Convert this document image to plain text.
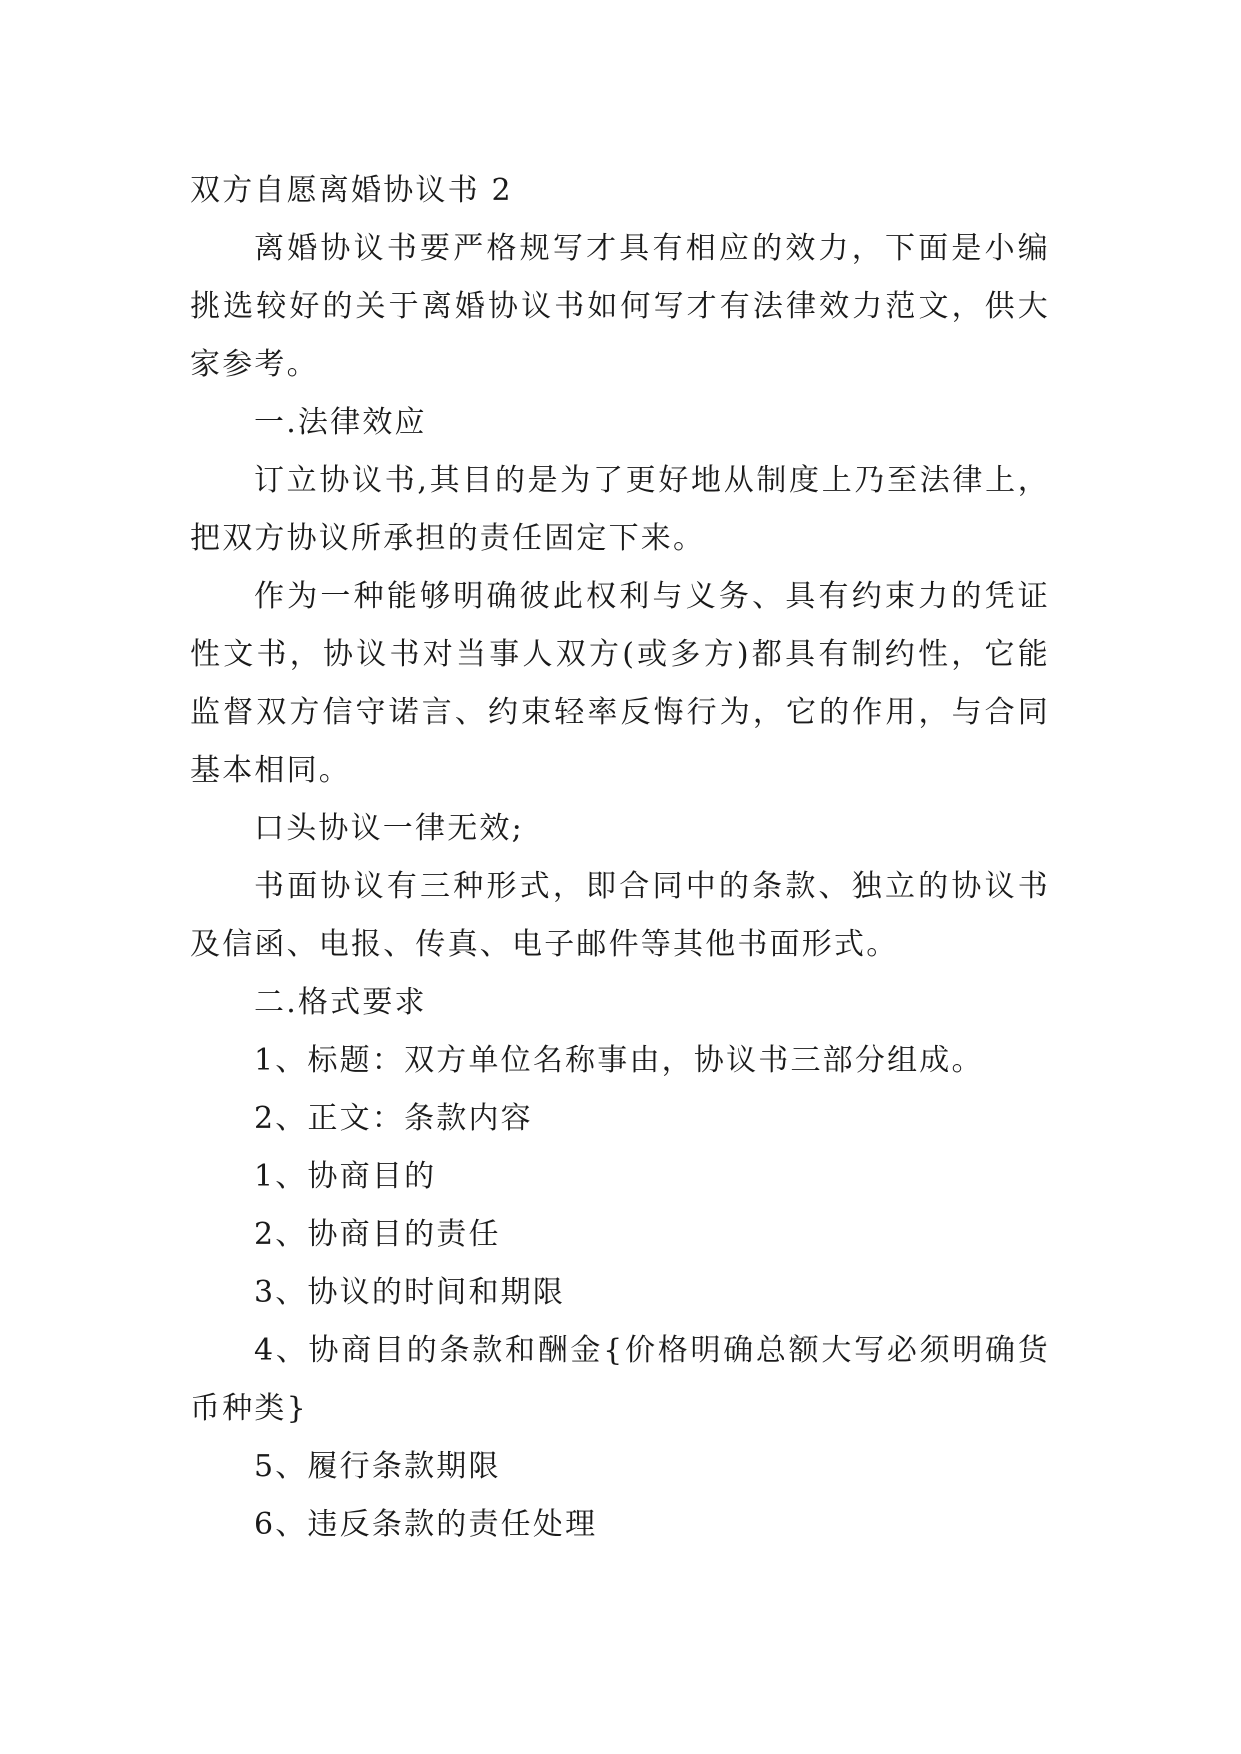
双方自愿离婚协议书 2

离婚协议书要严格规写才具有相应的效力，下面是小编挑选较好的关于离婚协议书如何写才有法律效力范文，供大家参考。

一.法律效应

订立协议书,其目的是为了更好地从制度上乃至法律上，把双方协议所承担的责任固定下来。

作为一种能够明确彼此权利与义务、具有约束力的凭证性文书，协议书对当事人双方(或多方)都具有制约性，它能监督双方信守诺言、约束轻率反悔行为，它的作用，与合同基本相同。

口头协议一律无效;

书面协议有三种形式，即合同中的条款、独立的协议书及信函、电报、传真、电子邮件等其他书面形式。

二.格式要求

1、标题：双方单位名称事由，协议书三部分组成。

2、正文：条款内容

1、协商目的

2、协商目的责任

3、协议的时间和期限

4、协商目的条款和酬金{价格明确总额大写必须明确货币种类}

5、履行条款期限

6、违反条款的责任处理
